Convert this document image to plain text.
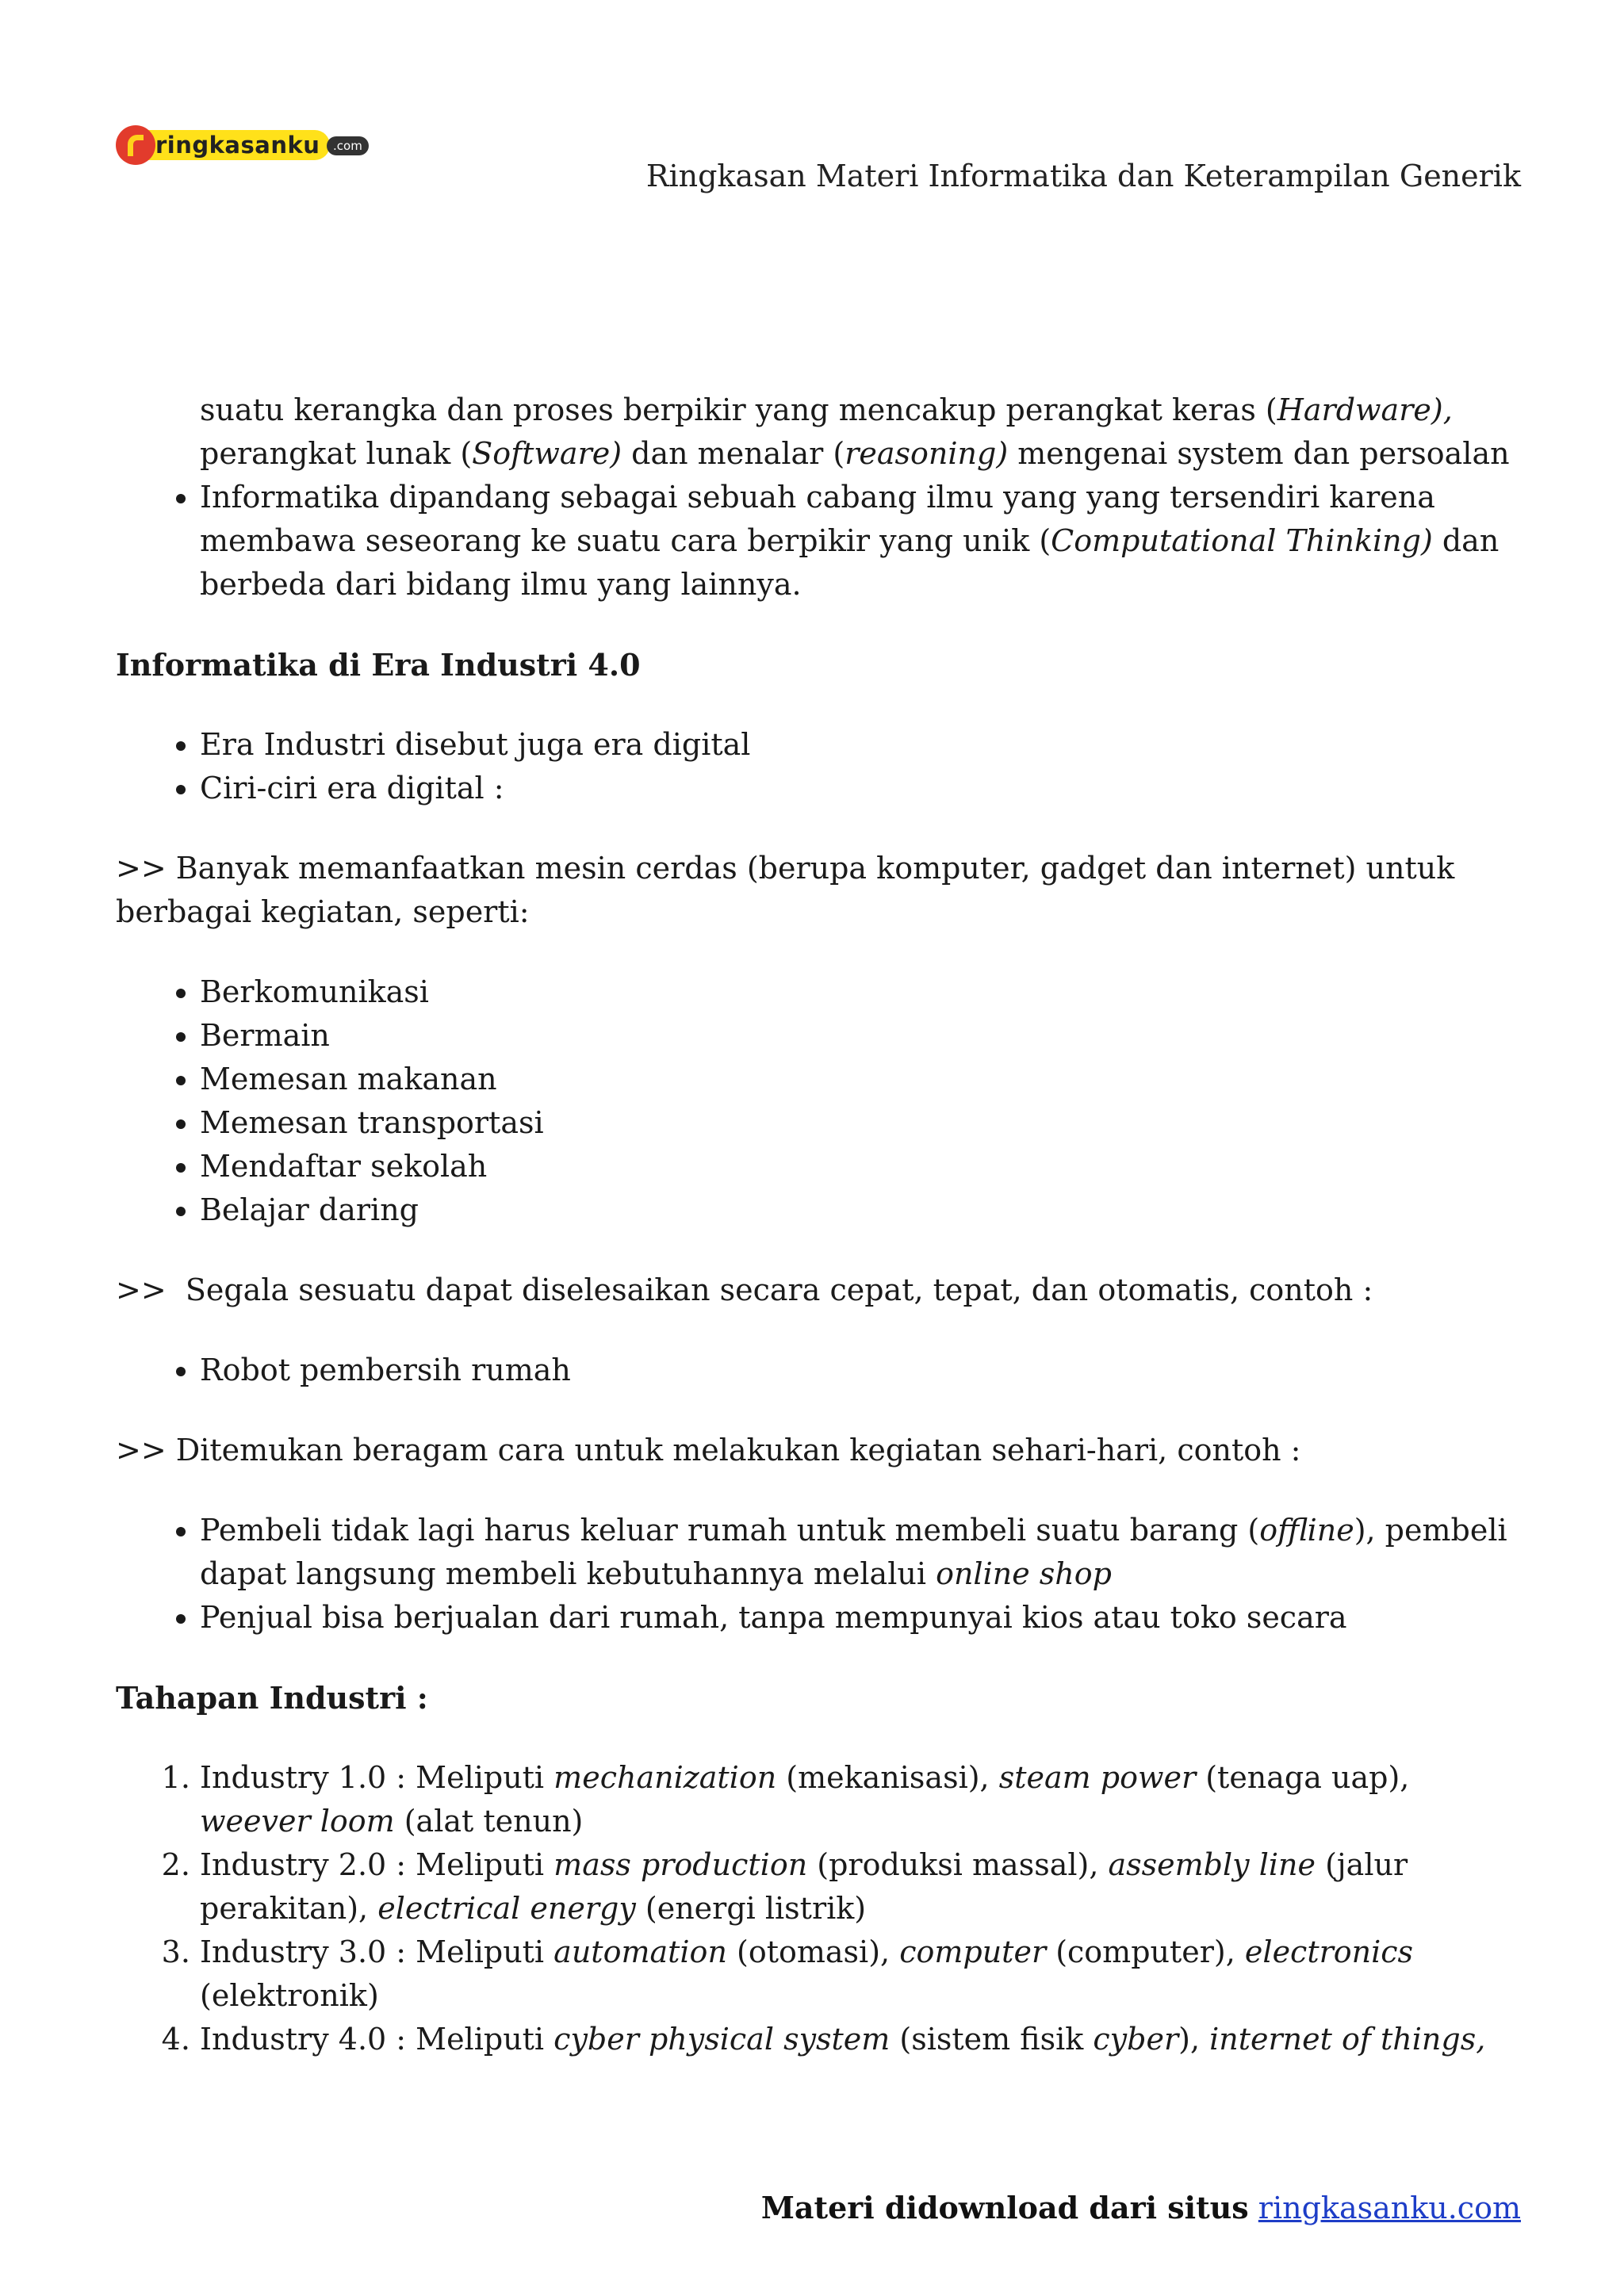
ringkasanku	.com
Ringkasan Materi Informatika dan Keterampilan Generik

suatu kerangka dan proses berpikir yang mencakup perangkat keras (Hardware),
perangkat lunak (Software) dan menalar (reasoning) mengenai system dan persoalan

• Informatika dipandang sebagai sebuah cabang ilmu yang yang tersendiri karena membawa seseorang ke suatu cara berpikir yang unik (Computational Thinking) dan berbeda dari bidang ilmu yang lainnya.
Informatika di Era Industri 4.0
• Era Industri disebut juga era digital
• Ciri-ciri era digital :

>> Banyak memanfaatkan mesin cerdas (berupa komputer, gadget dan internet) untuk berbagai kegiatan, seperti:

• Berkomunikasi
• Bermain
• Memesan makanan
• Memesan transportasi
• Mendaftar sekolah
• Belajar daring

>>  Segala sesuatu dapat diselesaikan secara cepat, tepat, dan otomatis, contoh :

• Robot pembersih rumah

>> Ditemukan beragam cara untuk melakukan kegiatan sehari-hari, contoh :

• Pembeli tidak lagi harus keluar rumah untuk membeli suatu barang (offline), pembeli dapat langsung membeli kebutuhannya melalui online shop
• Penjual bisa berjualan dari rumah, tanpa mempunyai kios atau toko secara
Tahapan Industri :
1. Industry 1.0 : Meliputi mechanization (mekanisasi), steam power (tenaga uap), weever loom (alat tenun)
2. Industry 2.0 : Meliputi mass production (produksi massal), assembly line (jalur perakitan), electrical energy (energi listrik)
3. Industry 3.0 : Meliputi automation (otomasi), computer (computer), electronics (elektronik)
4. Industry 4.0 : Meliputi cyber physical system (sistem fisik cyber), internet of things,
Materi didownload dari situs ringkasanku.com
